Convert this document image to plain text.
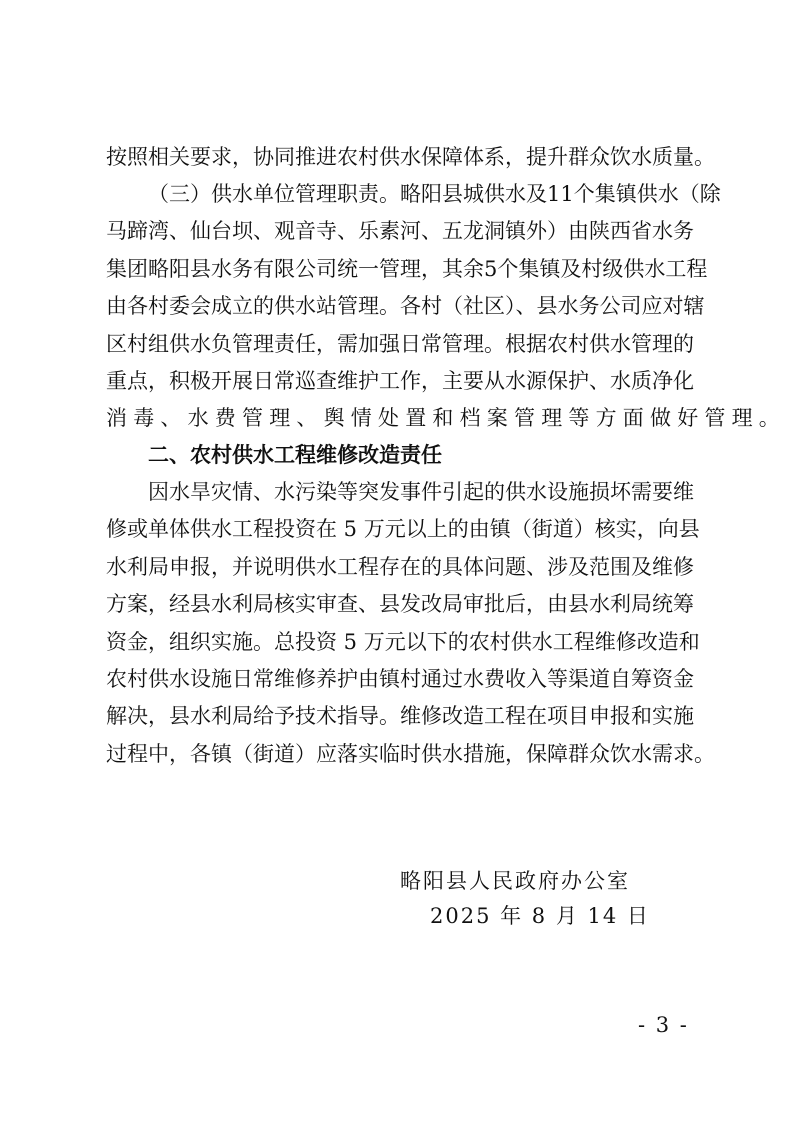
二、农村供水工程维修改造责任
略阳县人民政府办公室
2025 年 8 月 14 日
- 3 -
按照相关要求，协同推进农村供水保障体系，提升群众饮水质量。
（三）供水单位管理职责。略阳县城供水及11个集镇供水（除
马蹄湾、仙台坝、观音寺、乐素河、五龙洞镇外）由陕西省水务
集团略阳县水务有限公司统一管理，其余5个集镇及村级供水工程
由各村委会成立的供水站管理。各村（社区）、县水务公司应对辖
区村组供水负管理责任，需加强日常管理。根据农村供水管理的
重点，积极开展日常巡查维护工作，主要从水源保护、水质净化
消毒、水费管理、舆情处置和档案管理等方面做好管理。
因水旱灾情、水污染等突发事件引起的供水设施损坏需要维
修或单体供水工程投资在 5 万元以上的由镇（街道）核实，向县
水利局申报，并说明供水工程存在的具体问题、涉及范围及维修
方案，经县水利局核实审查、县发改局审批后，由县水利局统筹
资金，组织实施。总投资 5 万元以下的农村供水工程维修改造和
农村供水设施日常维修养护由镇村通过水费收入等渠道自筹资金
解决，县水利局给予技术指导。维修改造工程在项目申报和实施
过程中，各镇（街道）应落实临时供水措施，保障群众饮水需求。
